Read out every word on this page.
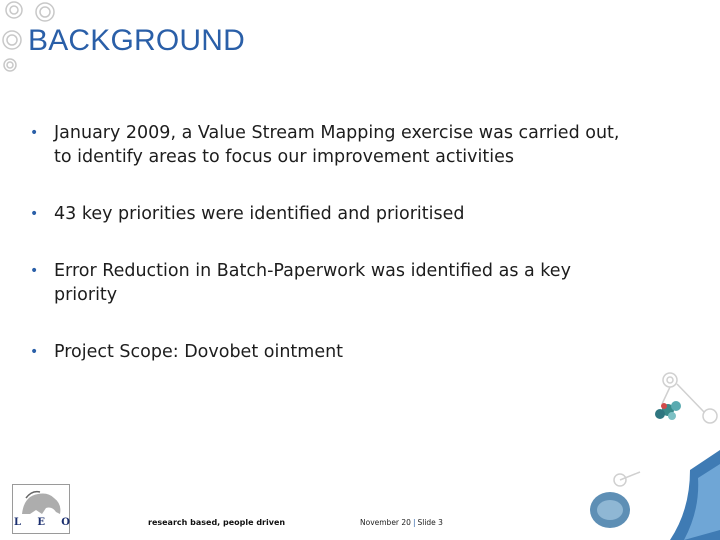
BACKGROUND
• January 2009, a Value Stream Mapping exercise was carried out, to identify areas to focus our improvement activities
• 43 key priorities were identified and prioritised
• Error Reduction in Batch-Paperwork was identified as a key priority
• Project Scope: Dovobet ointment
L E O	research based, people driven	November 20 | Slide 3
